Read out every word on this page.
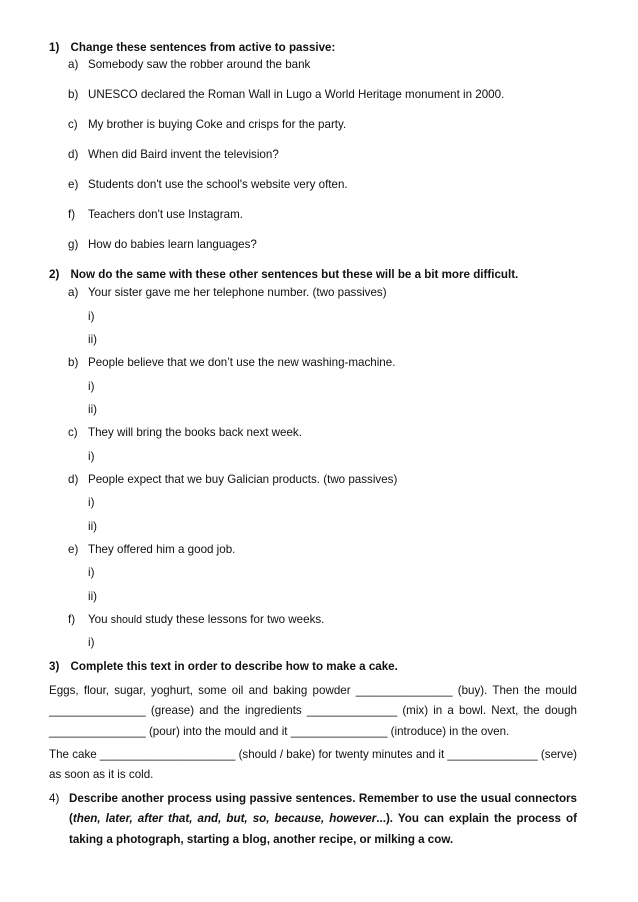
1) Change these sentences from active to passive:
a) Somebody saw the robber around the bank
b) UNESCO declared the Roman Wall in Lugo a World Heritage monument in 2000.
c) My brother is buying Coke and crisps for the party.
d) When did Baird invent the television?
e) Students don't use the school's website very often.
f) Teachers don't use Instagram.
g) How do babies learn languages?
2) Now do the same with these other sentences but these will be a bit more difficult.
a) Your sister gave me her telephone number. (two passives)
i)
ii)
b) People believe that we don’t use the new washing-machine.
i)
ii)
c) They will bring the books back next week.
i)
d) People expect that we buy Galician products. (two passives)
i)
ii)
e) They offered him a good job.
i)
ii)
f) You should study these lessons for two weeks.
i)
3) Complete this text in order to describe how to make a cake.
Eggs, flour, sugar, yoghurt, some oil and baking powder _______________ (buy). Then the mould _______________ (grease) and the ingredients ______________ (mix) in a bowl. Next, the dough _______________ (pour) into the mould and it _______________ (introduce) in the oven.
The cake _____________________ (should / bake) for twenty minutes and it ______________ (serve) as soon as it is cold.
4) Describe another process using passive sentences. Remember to use the usual connectors (then, later, after that, and, but, so, because, however...). You can explain the process of taking a photograph, starting a blog, another recipe, or milking a cow.
